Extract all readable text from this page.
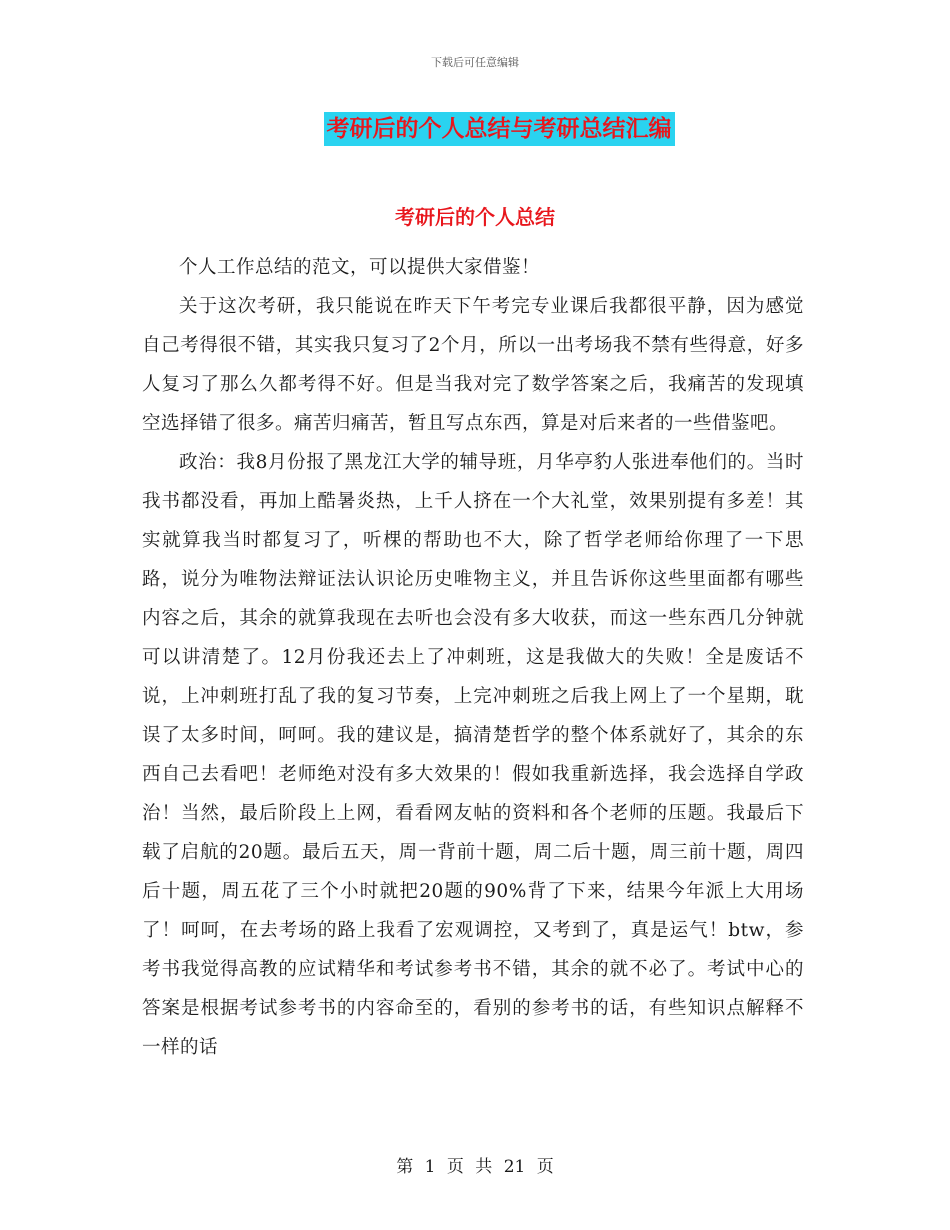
下载后可任意编辑
考研后的个人总结与考研总结汇编
考研后的个人总结

个人工作总结的范文，可以提供大家借鉴！

关于这次考研，我只能说在昨天下午考完专业课后我都很平静，因为感觉自己考得很不错，其实我只复习了2个月，所以一出考场我不禁有些得意，好多人复习了那么久都考得不好。但是当我对完了数学答案之后，我痛苦的发现填空选择错了很多。痛苦归痛苦，暂且写点东西，算是对后来者的一些借鉴吧。

政治：我8月份报了黑龙江大学的辅导班，月华亭豹人张进奉他们的。当时我书都没看，再加上酷暑炎热，上千人挤在一个大礼堂，效果别提有多差！其实就算我当时都复习了，听棵的帮助也不大，除了哲学老师给你理了一下思路，说分为唯物法辩证法认识论历史唯物主义，并且告诉你这些里面都有哪些内容之后，其余的就算我现在去听也会没有多大收获，而这一些东西几分钟就可以讲清楚了。12月份我还去上了冲刺班，这是我做大的失败！全是废话不说，上冲刺班打乱了我的复习节奏，上完冲刺班之后我上网上了一个星期，耽误了太多时间，呵呵。我的建议是，搞清楚哲学的整个体系就好了，其余的东西自己去看吧！老师绝对没有多大效果的！假如我重新选择，我会选择自学政治！当然，最后阶段上上网，看看网友帖的资料和各个老师的压题。我最后下载了启航的20题。最后五天，周一背前十题，周二后十题，周三前十题，周四后十题，周五花了三个小时就把20题的90%背了下来，结果今年派上大用场了！呵呵，在去考场的路上我看了宏观调控，又考到了，真是运气！btw，参考书我觉得高教的应试精华和考试参考书不错，其余的就不必了。考试中心的答案是根据考试参考书的内容命至的，看别的参考书的话，有些知识点解释不一样的话

第 1 页 共 21 页
